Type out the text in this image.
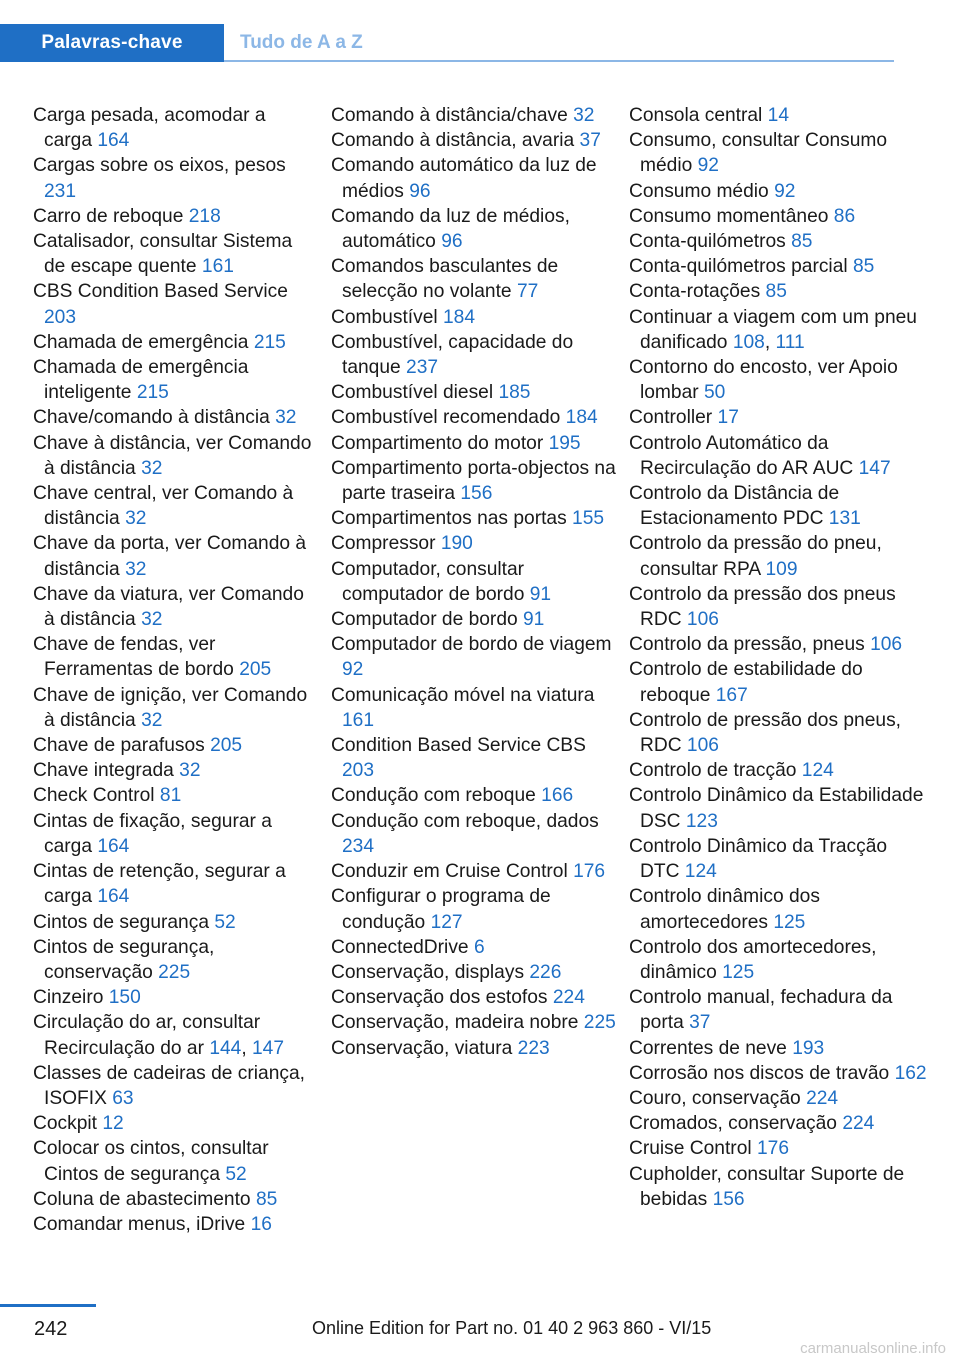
Palavras-chave	Tudo de A a Z
Carga pesada, acomodar a carga 164
Cargas sobre os eixos, pesos 231
Carro de reboque 218
Catalisador, consultar Sistema de escape quente 161
CBS Condition Based Service 203
Chamada de emergência 215
Chamada de emergência inteligente 215
Chave/comando à distância 32
Chave à distância, ver Comando à distância 32
Chave central, ver Comando à distância 32
Chave da porta, ver Comando à distância 32
Chave da viatura, ver Comando à distância 32
Chave de fendas, ver Ferramentas de bordo 205
Chave de ignição, ver Comando à distância 32
Chave de parafusos 205
Chave integrada 32
Check Control 81
Cintas de fixação, segurar a carga 164
Cintas de retenção, segurar a carga 164
Cintos de segurança 52
Cintos de segurança, conservação 225
Cinzeiro 150
Circulação do ar, consultar Recirculação do ar 144, 147
Classes de cadeiras de criança, ISOFIX 63
Cockpit 12
Colocar os cintos, consultar Cintos de segurança 52
Coluna de abastecimento 85
Comandar menus, iDrive 16
Comando à distância/chave 32
Comando à distância, avaria 37
Comando automático da luz de médios 96
Comando da luz de médios, automático 96
Comandos basculantes de selecção no volante 77
Combustível 184
Combustível, capacidade do tanque 237
Combustível diesel 185
Combustível recomendado 184
Compartimento do motor 195
Compartimento porta-objectos na parte traseira 156
Compartimentos nas portas 155
Compressor 190
Computador, consultar computador de bordo 91
Computador de bordo 91
Computador de bordo de viagem 92
Comunicação móvel na viatura 161
Condition Based Service CBS 203
Condução com reboque 166
Condução com reboque, dados 234
Conduzir em Cruise Control 176
Configurar o programa de condução 127
ConnectedDrive 6
Conservação, displays 226
Conservação dos estofos 224
Conservação, madeira nobre 225
Conservação, viatura 223
Consola central 14
Consumo, consultar Consumo médio 92
Consumo médio 92
Consumo momentâneo 86
Conta-quilómetros 85
Conta-quilómetros parcial 85
Conta-rotações 85
Continuar a viagem com um pneu danificado 108, 111
Contorno do encosto, ver Apoio lombar 50
Controller 17
Controlo Automático da Recirculação do AR AUC 147
Controlo da Distância de Estacionamento PDC 131
Controlo da pressão do pneu, consultar RPA 109
Controlo da pressão dos pneus RDC 106
Controlo da pressão, pneus 106
Controlo de estabilidade do reboque 167
Controlo de pressão dos pneus, RDC 106
Controlo de tracção 124
Controlo Dinâmico da Estabilidade DSC 123
Controlo Dinâmico da Tracção DTC 124
Controlo dinâmico dos amortecedores 125
Controlo dos amortecedores, dinâmico 125
Controlo manual, fechadura da porta 37
Correntes de neve 193
Corrosão nos discos de travão 162
Couro, conservação 224
Cromados, conservação 224
Cruise Control 176
Cupholder, consultar Suporte de bebidas 156
242	Online Edition for Part no. 01 40 2 963 860 - VI/15
carmanualsonline.info
